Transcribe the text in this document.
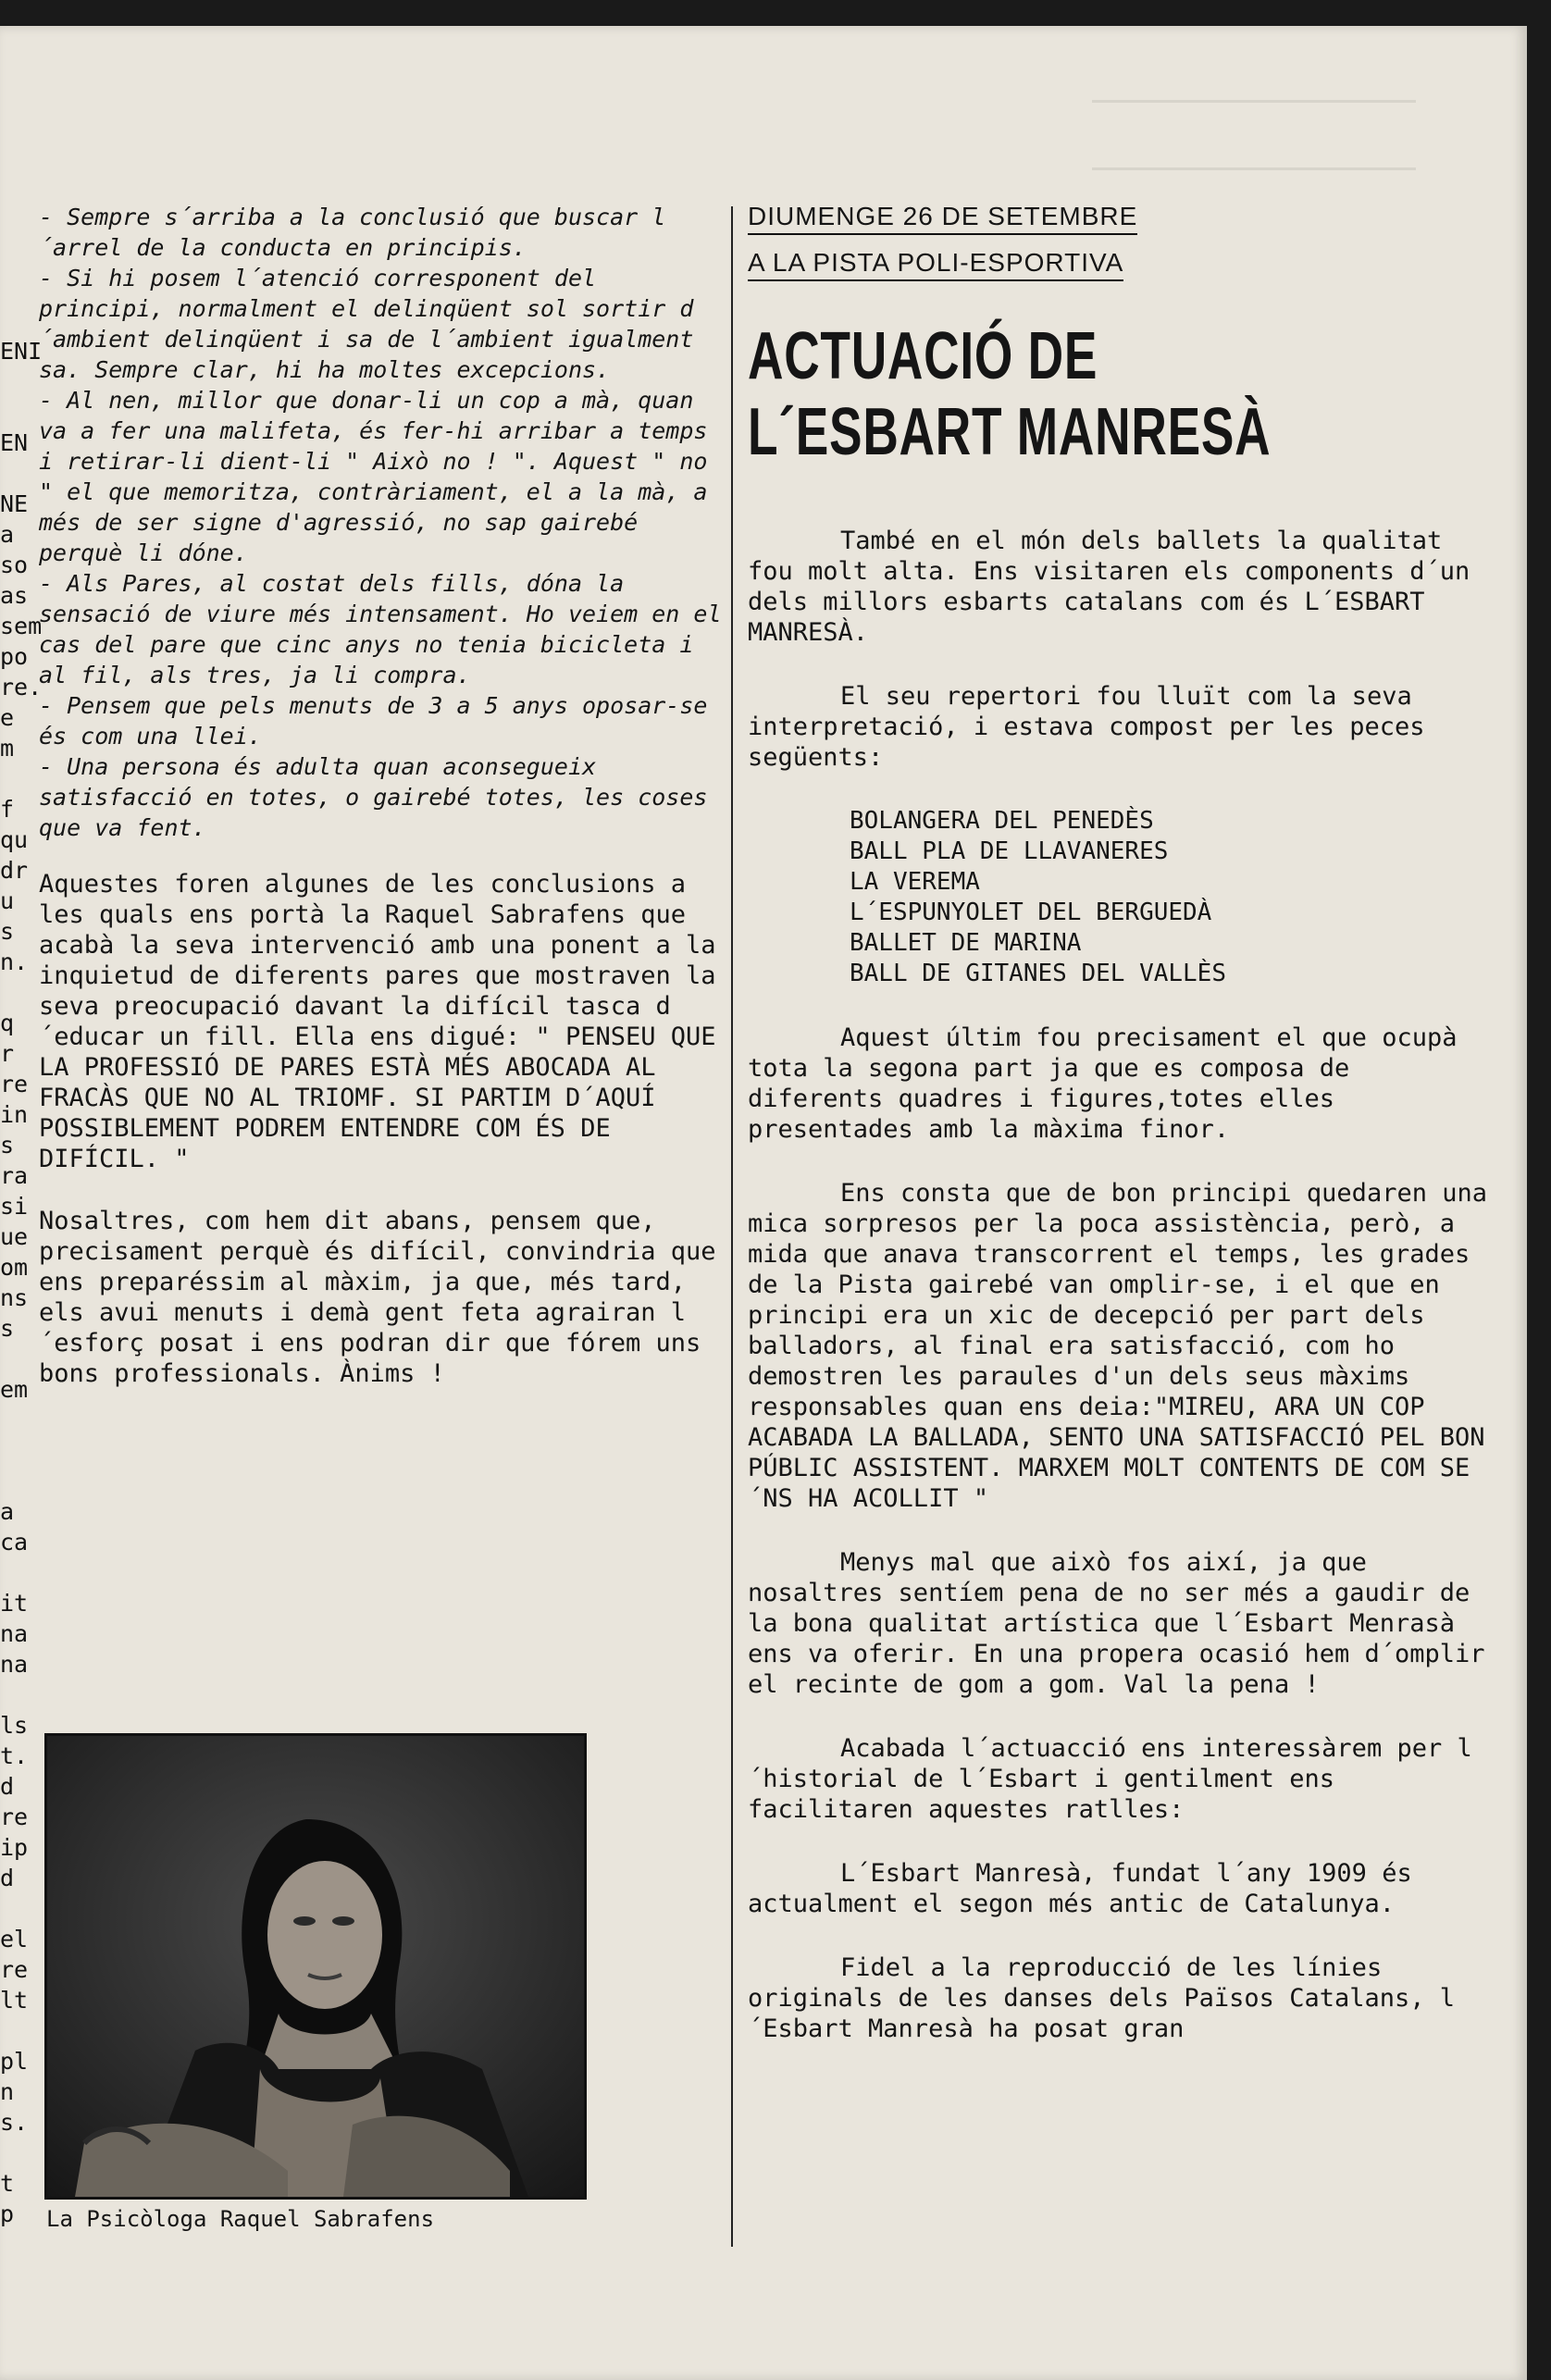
ENI

EN

NE
a
so
as
sem
po
re.
e
m

f
qu
dr
u
s
n.

q
r
re
in
s
ra
si
ue
om
ns
s

em

a
ca

it
na
na

ls
t.
d
re
ip
d

el
re
lt

pl
n
s.

t
p
- Sempre s´arriba a la conclusió que buscar l´arrel de la conducta en principis.
- Si hi posem l´atenció corresponent del principi, normalment el delinqüent sol sortir d´ambient delinqüent i sa de l´ambient igualment sa. Sempre clar, hi ha moltes excepcions.
- Al nen, millor que donar-li un cop a mà, quan va a fer una malifeta, és fer-hi arribar a temps i retirar-li dient-li " Això no ! ". Aquest " no " el que memoritza, contràriament, el a la mà, a més de ser signe d'agressió, no sap gairebé perquè li dóne.
- Als Pares, al costat dels fills, dóna la sensació de viure més intensament. Ho veiem en el cas del pare que cinc anys no tenia bicicleta i al fil, als tres, ja li compra.
- Pensem que pels menuts de 3 a 5 anys oposar-se és com una llei.
- Una persona és adulta quan aconsegueix satisfacció en totes, o gairebé totes, les coses que va fent.
Aquestes foren algunes de les conclusions a les quals ens portà la Raquel Sabrafens que acabà la seva intervenció amb una ponent a la inquietud de diferents pares que mostraven la seva preocupació davant la difícil tasca d´educar un fill. Ella ens digué: " PENSEU QUE LA PROFESSIÓ DE PARES ESTÀ MÉS ABOCADA AL FRACÀS QUE NO AL TRIOMF. SI PARTIM D´AQUÍ POSSIBLEMENT PODREM ENTENDRE COM ÉS DE DIFÍCIL. "
Nosaltres, com hem dit abans, pensem que, precisament perquè és difícil, convindria que ens preparéssim al màxim, ja que, més tard, els avui menuts i demà gent feta agrairan l´esforç posat i ens podran dir que fórem uns bons professionals. Ànims !
La Psicòloga Raquel Sabrafens
DIUMENGE 26 DE SETEMBRE
A LA PISTA POLI-ESPORTIVA
ACTUACIÓ DE
L´ESBART MANRESÀ
També en el món dels ballets la qualitat fou molt alta. Ens visitaren els components d´un dels millors esbarts catalans com és L´ESBART MANRESÀ.
El seu repertori fou lluït com la seva interpretació, i estava compost per les peces següents:
BOLANGERA DEL PENEDÈS
BALL PLA DE LLAVANERES
LA VEREMA
L´ESPUNYOLET DEL BERGUEDÀ
BALLET DE MARINA
BALL DE GITANES DEL VALLÈS
Aquest últim fou precisament el que ocupà tota la segona part ja que es composa de diferents quadres i figures,totes elles presentades amb la màxima finor.
Ens consta que de bon principi quedaren una mica sorpresos per la poca assistència, però, a mida que anava transcorrent el temps, les grades de la Pista gairebé van omplir-se, i el que en principi era un xic de decepció per part dels balladors, al final era satisfacció, com ho demostren les paraules d'un dels seus màxims responsables quan ens deia:"MIREU, ARA UN COP ACABADA LA BALLADA, SENTO UNA SATISFACCIÓ PEL BON PÚBLIC ASSISTENT. MARXEM MOLT CONTENTS DE COM SE´NS HA ACOLLIT "
Menys mal que això fos així, ja que nosaltres sentíem pena de no ser més a gaudir de la bona qualitat artística que l´Esbart Menrasà ens va oferir. En una propera ocasió hem d´omplir el recinte de gom a gom. Val la pena !
Acabada l´actuacció ens interessàrem per l´historial de l´Esbart i gentilment ens facilitaren aquestes ratlles:
L´Esbart Manresà, fundat l´any 1909 és actualment el segon més antic de Catalunya.
Fidel a la reproducció de les línies originals de les danses dels Països Catalans, l´Esbart Manresà ha posat gran
